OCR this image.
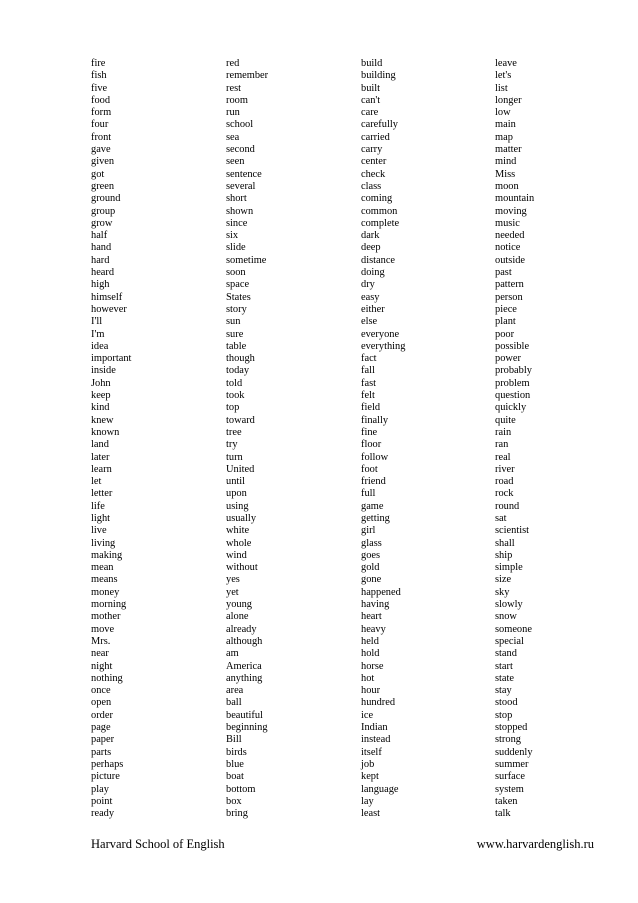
fire
fish
five
food
form
four
front
gave
given
got
green
ground
group
grow
half
hand
hard
heard
high
himself
however
I'll
I'm
idea
important
inside
John
keep
kind
knew
known
land
later
learn
let
letter
life
light
live
living
making
mean
means
money
morning
mother
move
Mrs.
near
night
nothing
once
open
order
page
paper
parts
perhaps
picture
play
point
ready
red
remember
rest
room
run
school
sea
second
seen
sentence
several
short
shown
since
six
slide
sometime
soon
space
States
story
sun
sure
table
though
today
told
took
top
toward
tree
try
turn
United
until
upon
using
usually
white
whole
wind
without
yes
yet
young
alone
already
although
am
America
anything
area
ball
beautiful
beginning
Bill
birds
blue
boat
bottom
box
bring
build
building
built
can't
care
carefully
carried
carry
center
check
class
coming
common
complete
dark
deep
distance
doing
dry
easy
either
else
everyone
everything
fact
fall
fast
felt
field
finally
fine
floor
follow
foot
friend
full
game
getting
girl
glass
goes
gold
gone
happened
having
heart
heavy
held
hold
horse
hot
hour
hundred
ice
Indian
instead
itself
job
kept
language
lay
least
leave
let's
list
longer
low
main
map
matter
mind
Miss
moon
mountain
moving
music
needed
notice
outside
past
pattern
person
piece
plant
poor
possible
power
probably
problem
question
quickly
quite
rain
ran
real
river
road
rock
round
sat
scientist
shall
ship
simple
size
sky
slowly
snow
someone
special
stand
start
state
stay
stood
stop
stopped
strong
suddenly
summer
surface
system
taken
talk
Harvard School of English	www.harvardenglish.ru
